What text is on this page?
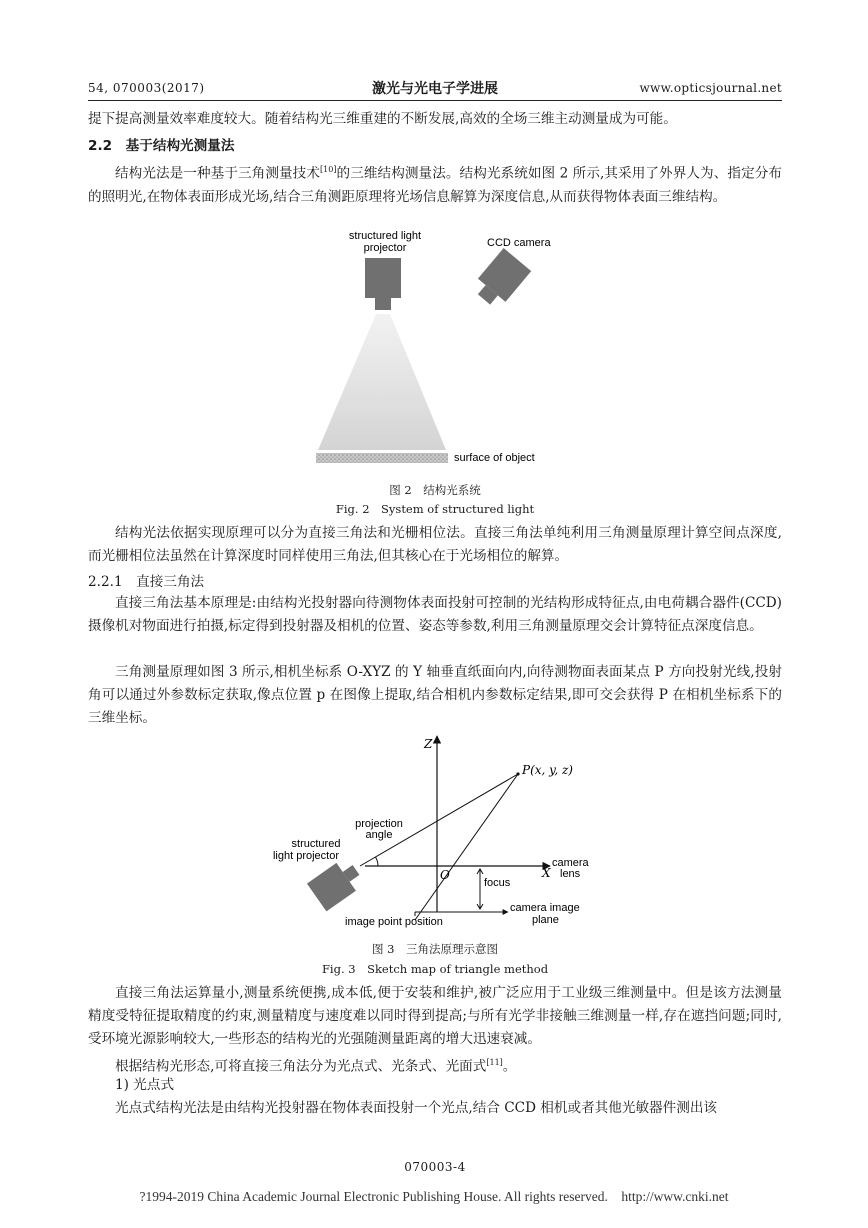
54, 070003(2017)	激光与光电子学进展	www.opticsjournal.net

提下提高测量效率难度较大。随着结构光三维重建的不断发展,高效的全场三维主动测量成为可能。

2.2　基于结构光测量法

结构光法是一种基于三角测量技术[10]的三维结构测量法。结构光系统如图 2 所示,其采用了外界人为、指定分布的照明光,在物体表面形成光场,结合三角测距原理将光场信息解算为深度信息,从而获得物体表面三维结构。

structured light
projector
surface of object
CCD camera
图 2　结构光系统
Fig. 2　System of structured light

结构光法依据实现原理可以分为直接三角法和光栅相位法。直接三角法单纯利用三角测量原理计算空间点深度,而光栅相位法虽然在计算深度时同样使用三角法,但其核心在于光场相位的解算。

2.2.1　直接三角法

直接三角法基本原理是:由结构光投射器向待测物体表面投射可控制的光结构形成特征点,由电荷耦合器件(CCD)摄像机对物面进行拍摄,标定得到投射器及相机的位置、姿态等参数,利用三角测量原理交会计算特征点深度信息。

三角测量原理如图 3 所示,相机坐标系 O-XYZ 的 Y 轴垂直纸面向内,向待测物面表面某点 P 方向投射光线,投射角可以通过外参数标定获取,像点位置 p 在图像上提取,结合相机内参数标定结果,即可交会获得 P 在相机坐标系下的三维坐标。

Z
X
camera
lens
P(x, y, z)
projection
angle
structured
light projector
O
image point position
camera image
plane
focus
图 3　三角法原理示意图
Fig. 3　Sketch map of triangle method

直接三角法运算量小,测量系统便携,成本低,便于安装和维护,被广泛应用于工业级三维测量中。但是该方法测量精度受特征提取精度的约束,测量精度与速度难以同时得到提高;与所有光学非接触三维测量一样,存在遮挡问题;同时,受环境光源影响较大,一些形态的结构光的光强随测量距离的增大迅速衰减。

根据结构光形态,可将直接三角法分为光点式、光条式、光面式[11]。

1) 光点式

光点式结构光法是由结构光投射器在物体表面投射一个光点,结合 CCD 相机或者其他光敏器件测出该

070003-4
?1994-2019 China Academic Journal Electronic Publishing House. All rights reserved.　http://www.cnki.net
